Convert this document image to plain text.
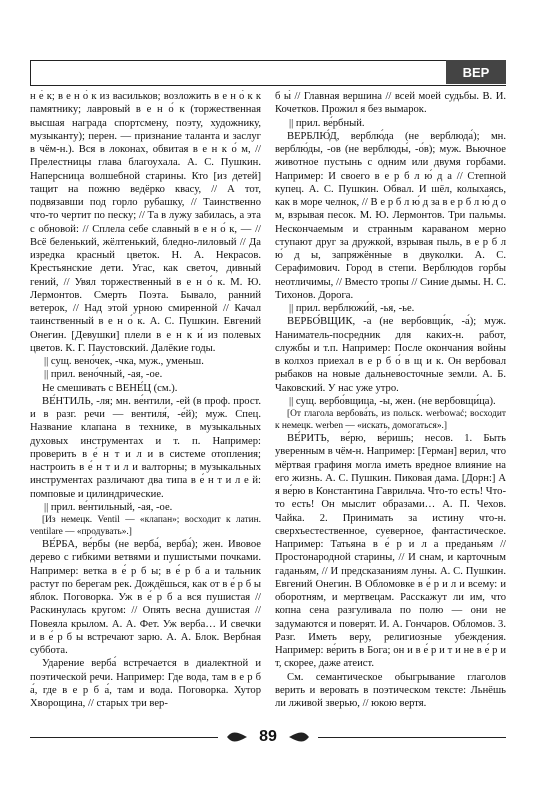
ВЕР

н е́ к; в е н о́ к из васильков; возложить в е н о́ к к памятнику; лавровый в е н о́ к (торжественная высшая награда спортсмену, поэту, художнику, музыканту); перен. — признание таланта и заслуг в чём-н.). Вся в локонах, обвитая в е н к о́ м, // Прелестницы глава благоухала. А. С. Пушкин. Наперсница волшебной старины. Кто [из детей] тащит на пожню ведёрко квасу, // А тот, подвязавши под горло рубашку, // Таинственно что-то чертит по песку; // Та в лужу забилась, а эта с обновой: // Сплела себе славный в е н о́ к, — // Всё беленький, жёлтенький, бледно-лиловый // Да изредка красный цветок. Н. А. Некрасов. Крестьянские дети. Угас, как светоч, дивный гений, // Увял торжественный в е н о́ к. М. Ю. Лермонтов. Смерть Поэта. Бывало, ранний ветерок, // Над этой урною смиренной // Качал таинственный в е н о́ к. А. С. Пушкин. Евгений Онегин. [Девушки] плели в е н к и́ из полевых цветов. К. Г. Паустовский. Далёкие годы.

|| сущ. вено́чек, -чка, муж., уменьш.

|| прил. вено́чный, -ая, -ое.

Не смешивать с ВЕНЕ́Ц (см.).

ВЕ́НТИЛЬ, -ля; мн. ве́нтили, -ей (в проф. прост. и в разг. речи — вентиля́, -е́й); муж. Спец. Название клапана в технике, в музыкальных духовых инструментах и т. п. Например: проверить в е́ н т и л и в системе отопления; настроить в е́ н т и л и валторны; в музыкальных инструментах различают два типа в е́ н т и л е й: помповые и цилиндрические.

|| прил. ве́нтильный, -ая, -ое.

[Из немецк. Ventil — «клапан»; восходит к латин. ventilare — «продувать».]

ВЕ́РБА, ве́рбы (не верба́, верба́); жен. Ивовое дерево с гибкими ветвями и пушистыми почками. Например: ветка в е́ р б ы; в е́ р б а и тальник растут по берегам рек. Дождёшься, как от в е́ р б ы яблок. Поговорка. Уж в е́ р б а вся пушистая // Раскинулась кругом: // Опять весна душистая // Повеяла крылом. А. А. Фет. Уж верба… И свечки и в е́ р б ы встречают зарю. А. А. Блок. Вербная суббота.

Ударение верба́ встречается в диалектной и поэтической речи. Например: Где вода, там в е р б а́, где в е р б а́, там и вода. Поговорка. Хутор Хворощина, // старых три вер-

б ы́ // Главная вершина // всей моей судьбы. В. И. Кочетков. Прожил я без вымарок.

|| прил. ве́рбный.

ВЕРБЛЮ́Д, верблю́да (не верблюда́); мн. верблю́ды, -ов (не верблюды́, -о́в); муж. Вьючное животное пустынь с одним или двумя горбами. Например: И своего в е р б л ю́ д а // Степной купец. А. С. Пушкин. Обвал. И шёл, колыхаясь, как в море челнок, // В е р б л ю́ д за в е р б л ю́ д о м, взрывая песок. М. Ю. Лермонтов. Три пальмы. Нескончаемым и странным караваном мерно ступают друг за дружкой, взрывая пыль, в е р б л ю́ д ы, запряжённые в двуколки. А. С. Серафимович. Город в степи. Верблюдов горбы неотличимы, // Вместо тропы // Синие дымы. Н. С. Тихонов. Дорога.

|| прил. верблюжи́й, -ья, -ье.

ВЕРБО́ВЩИК, -а (не вербовщи́к, -а́); муж. Наниматель-посредник для каких-н. работ, службы и т.п. Например: После окончания войны в колхоз приехал в е р б о́ в щ и к. Он вербовал рыбаков на новые дальневосточные земли. А. Б. Чаковский. У нас уже утро.

|| сущ. вербо́вщица, -ы, жен. (не вербовщи́ца).

[От глагола вербова́ть, из польск. werbować; восходит к немецк. werben — «искать, домогаться».]

ВЕ́РИТЬ, ве́рю, ве́ришь; несов. 1. Быть уверенным в чём-н. Например: [Герман] верил, что мёртвая графиня могла иметь вредное влияние на его жизнь. А. С. Пушкин. Пиковая дама. [Дорн:] А я ве́рю в Константина Гаврильча. Что-то есть! Что-то есть! Он мыслит образами… А. П. Чехов. Чайка. 2. Принимать за истину что-н. сверхъестественное, суеверное, фантастическое. Например: Татьяна в е́ р и л а преданьям // Простонародной старины, // И снам, и карточным гаданьям, // И предсказаниям луны. А. С. Пушкин. Евгений Онегин. В Обломовке в е́ р и л и всему: и оборотням, и мертвецам. Расскажут ли им, что копна сена разгуливала по полю — они не задумаются и поверят. И. А. Гончаров. Обломов. 3. Разг. Иметь веру, религиозные убеждения. Например: ве́рить в Бога; он и в е́ р и т и не в е́ р и т, скорее, даже атеист.

См. семантическое обыгрывание глаголов верить и веровать в поэтическом тексте: Льнёшь ли лживой зверью, // юкою вертя.

89
